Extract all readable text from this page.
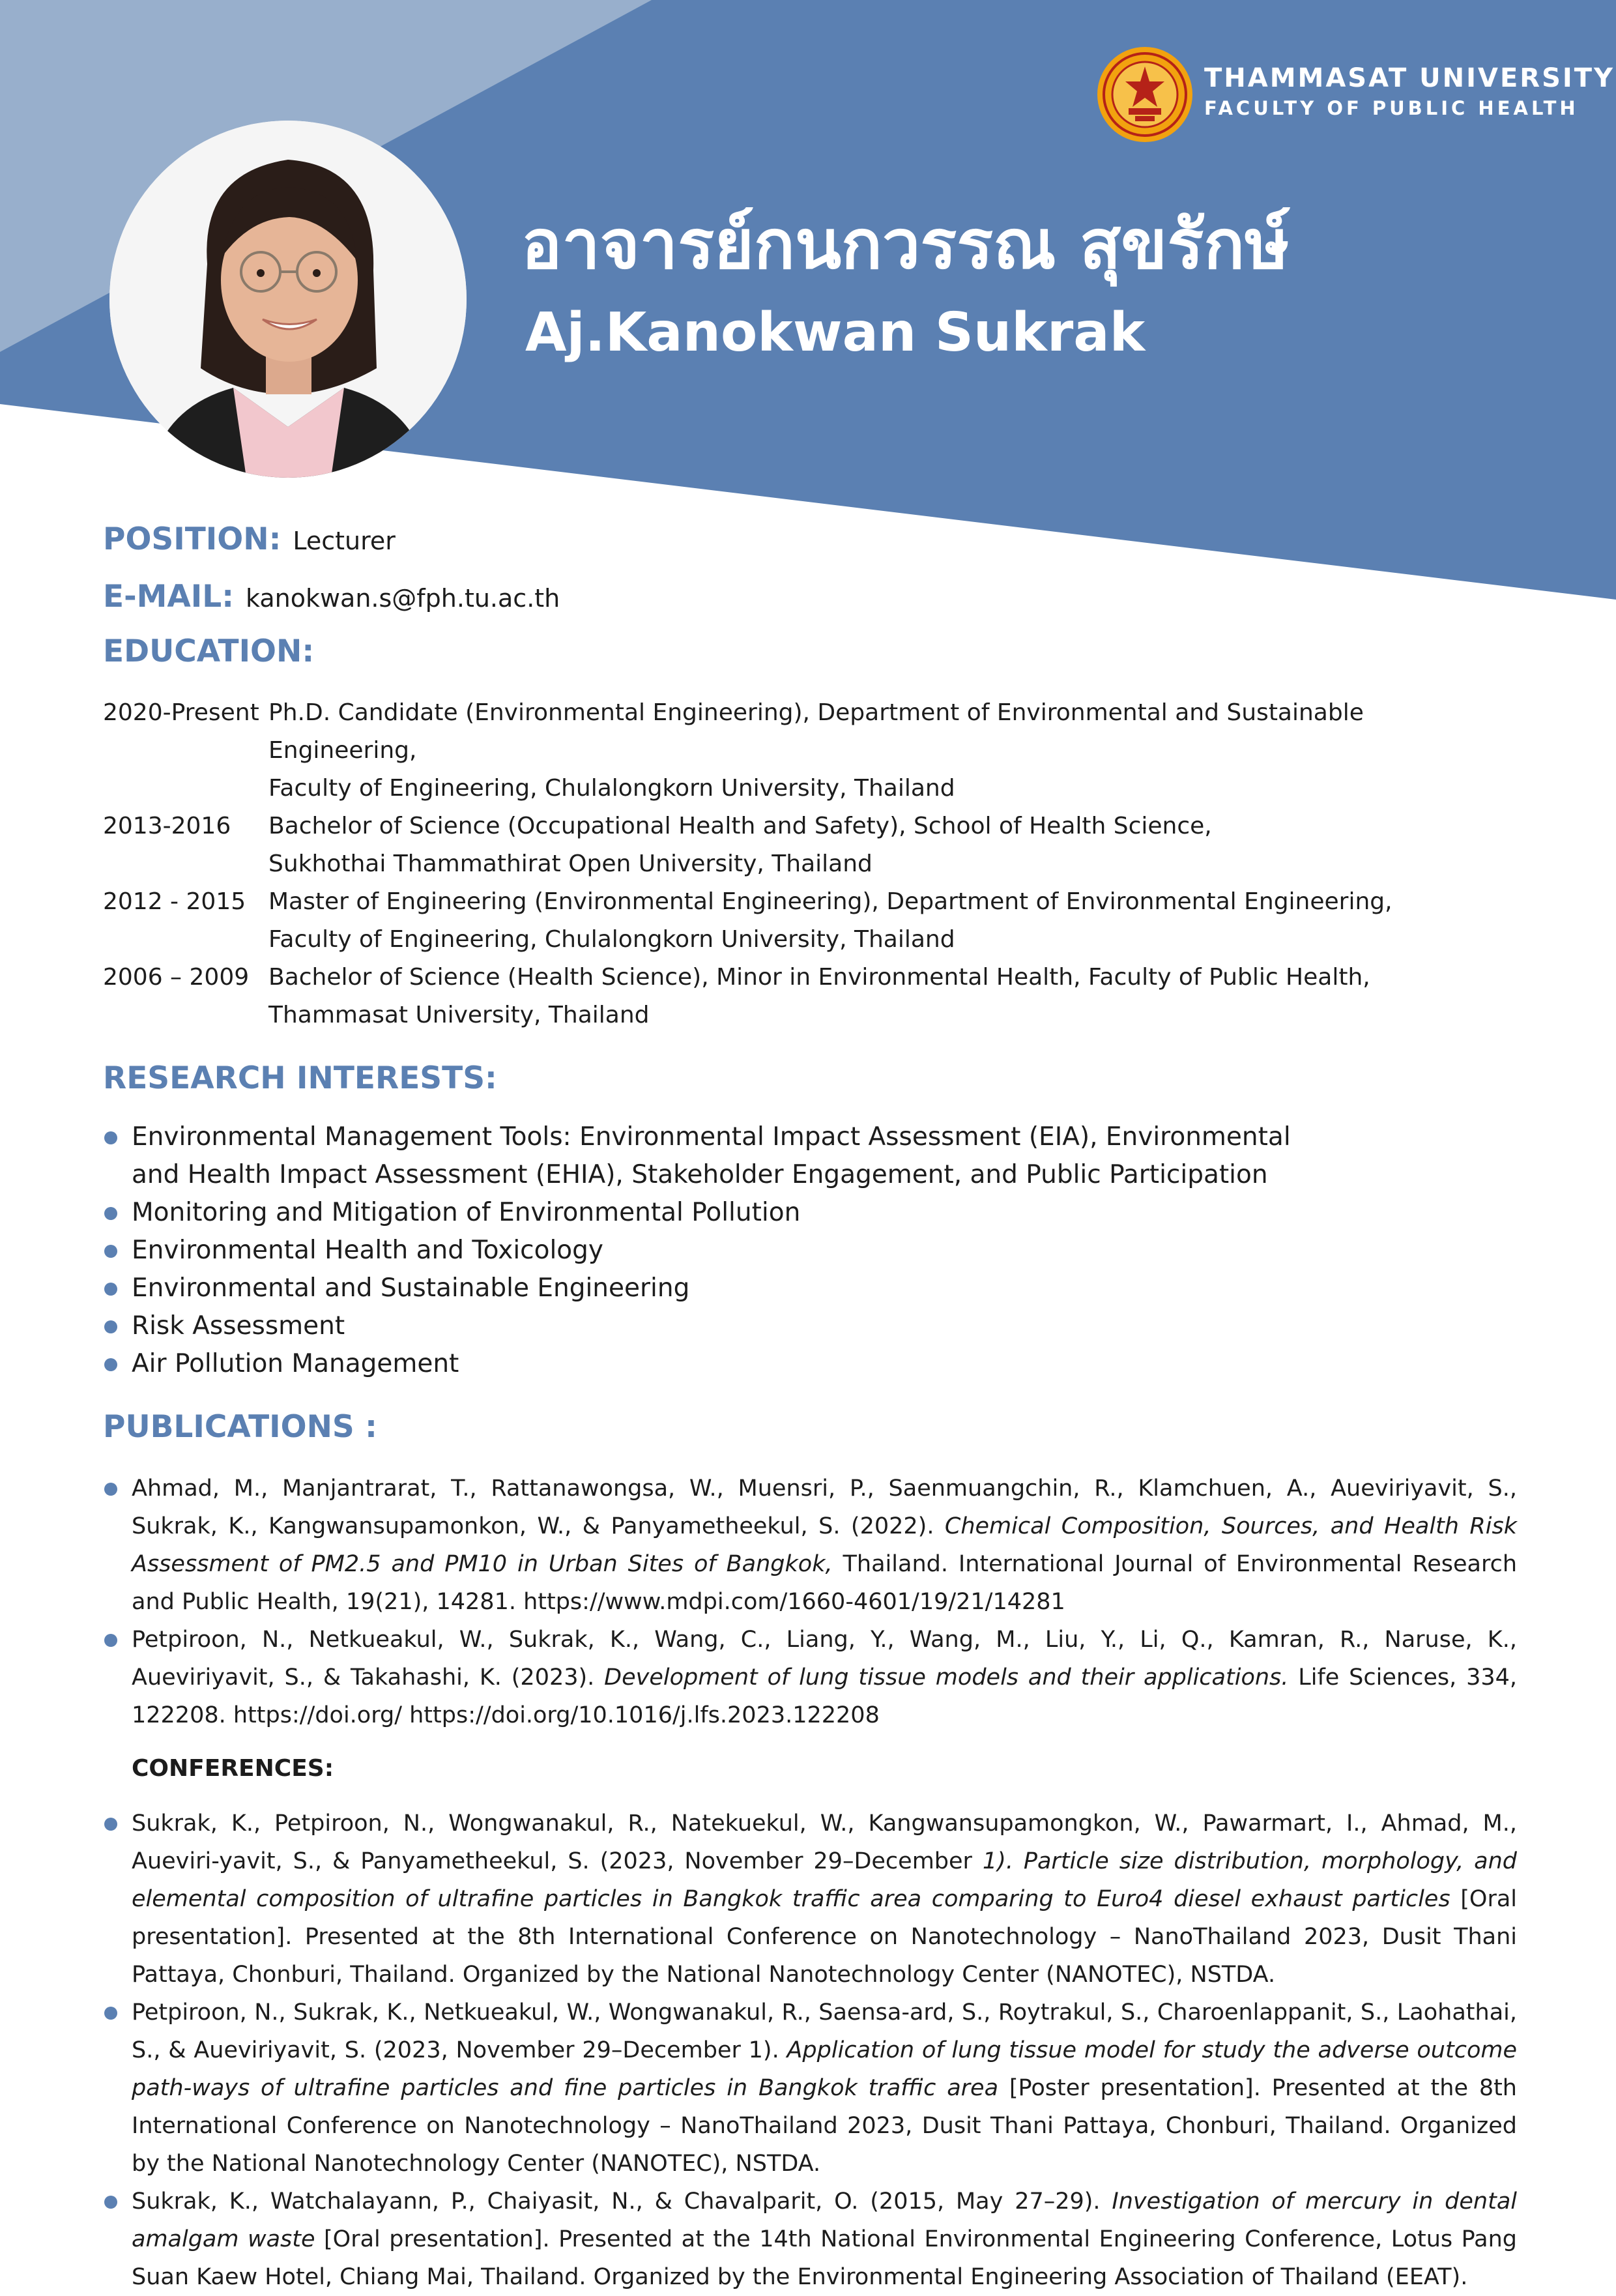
THAMMASAT UNIVERSITY
FACULTY OF PUBLIC HEALTH
อาจารย์กนกวรรณ สุขรักษ์
Aj.Kanokwan Sukrak
POSITION: Lecturer
E-MAIL: kanokwan.s@fph.tu.ac.th
EDUCATION:
2020-Present Ph.D. Candidate (Environmental Engineering), Department of Environmental and Sustainable Engineering,
Faculty of Engineering, Chulalongkorn University, Thailand
2013-2016	Bachelor of Science (Occupational Health and Safety), School of Health Science,
Sukhothai Thammathirat Open University, Thailand
2012 - 2015 Master of Engineering (Environmental Engineering), Department of Environmental Engineering,
Faculty of Engineering, Chulalongkorn University, Thailand
2006 – 2009 Bachelor of Science (Health Science), Minor in Environmental Health, Faculty of Public Health,
Thammasat University, Thailand
RESEARCH INTERESTS:
Environmental Management Tools: Environmental Impact Assessment (EIA), Environmental
and Health Impact Assessment (EHIA), Stakeholder Engagement, and Public Participation
Monitoring and Mitigation of Environmental Pollution
Environmental Health and Toxicology
Environmental and Sustainable Engineering
Risk Assessment
Air Pollution Management
PUBLICATIONS :
Ahmad, M., Manjantrarat, T., Rattanawongsa, W., Muensri, P., Saenmuangchin, R., Klamchuen, A., Aueviriyavit, S., Sukrak, K., Kangwansupamonkon, W., & Panyametheekul, S. (2022). Chemical Composition, Sources, and Health Risk Assessment of PM2.5 and PM10 in Urban Sites of Bangkok, Thailand. International Journal of Environmental Research and Public Health, 19(21), 14281. https://www.mdpi.com/1660-4601/19/21/14281
Petpiroon, N., Netkueakul, W., Sukrak, K., Wang, C., Liang, Y., Wang, M., Liu, Y., Li, Q., Kamran, R., Naruse, K., Aueviriyavit, S., & Takahashi, K. (2023). Development of lung tissue models and their applications. Life Sciences, 334, 122208. https://doi.org/ https://doi.org/10.1016/j.lfs.2023.122208
CONFERENCES:
Sukrak, K., Petpiroon, N., Wongwanakul, R., Natekuekul, W., Kangwansupamongkon, W., Pawarmart, I., Ahmad, M., Aueviri-yavit, S., & Panyametheekul, S. (2023, November 29–December 1). Particle size distribution, morphology, and elemental composition of ultrafine particles in Bangkok traffic area comparing to Euro4 diesel exhaust particles [Oral presentation]. Presented at the 8th International Conference on Nanotechnology – NanoThailand 2023, Dusit Thani Pattaya, Chonburi, Thailand. Organized by the National Nanotechnology Center (NANOTEC), NSTDA.
Petpiroon, N., Sukrak, K., Netkueakul, W., Wongwanakul, R., Saensa-ard, S., Roytrakul, S., Charoenlappanit, S., Laohathai, S., & Aueviriyavit, S. (2023, November 29–December 1). Application of lung tissue model for study the adverse outcome path-ways of ultrafine particles and fine particles in Bangkok traffic area [Poster presentation]. Presented at the 8th International Conference on Nanotechnology – NanoThailand 2023, Dusit Thani Pattaya, Chonburi, Thailand. Organized by the National Nanotechnology Center (NANOTEC), NSTDA.
Sukrak, K., Watchalayann, P., Chaiyasit, N., & Chavalparit, O. (2015, May 27–29). Investigation of mercury in dental amalgam waste [Oral presentation]. Presented at the 14th National Environmental Engineering Conference, Lotus Pang Suan Kaew Hotel, Chiang Mai, Thailand. Organized by the Environmental Engineering Association of Thailand (EEAT).
